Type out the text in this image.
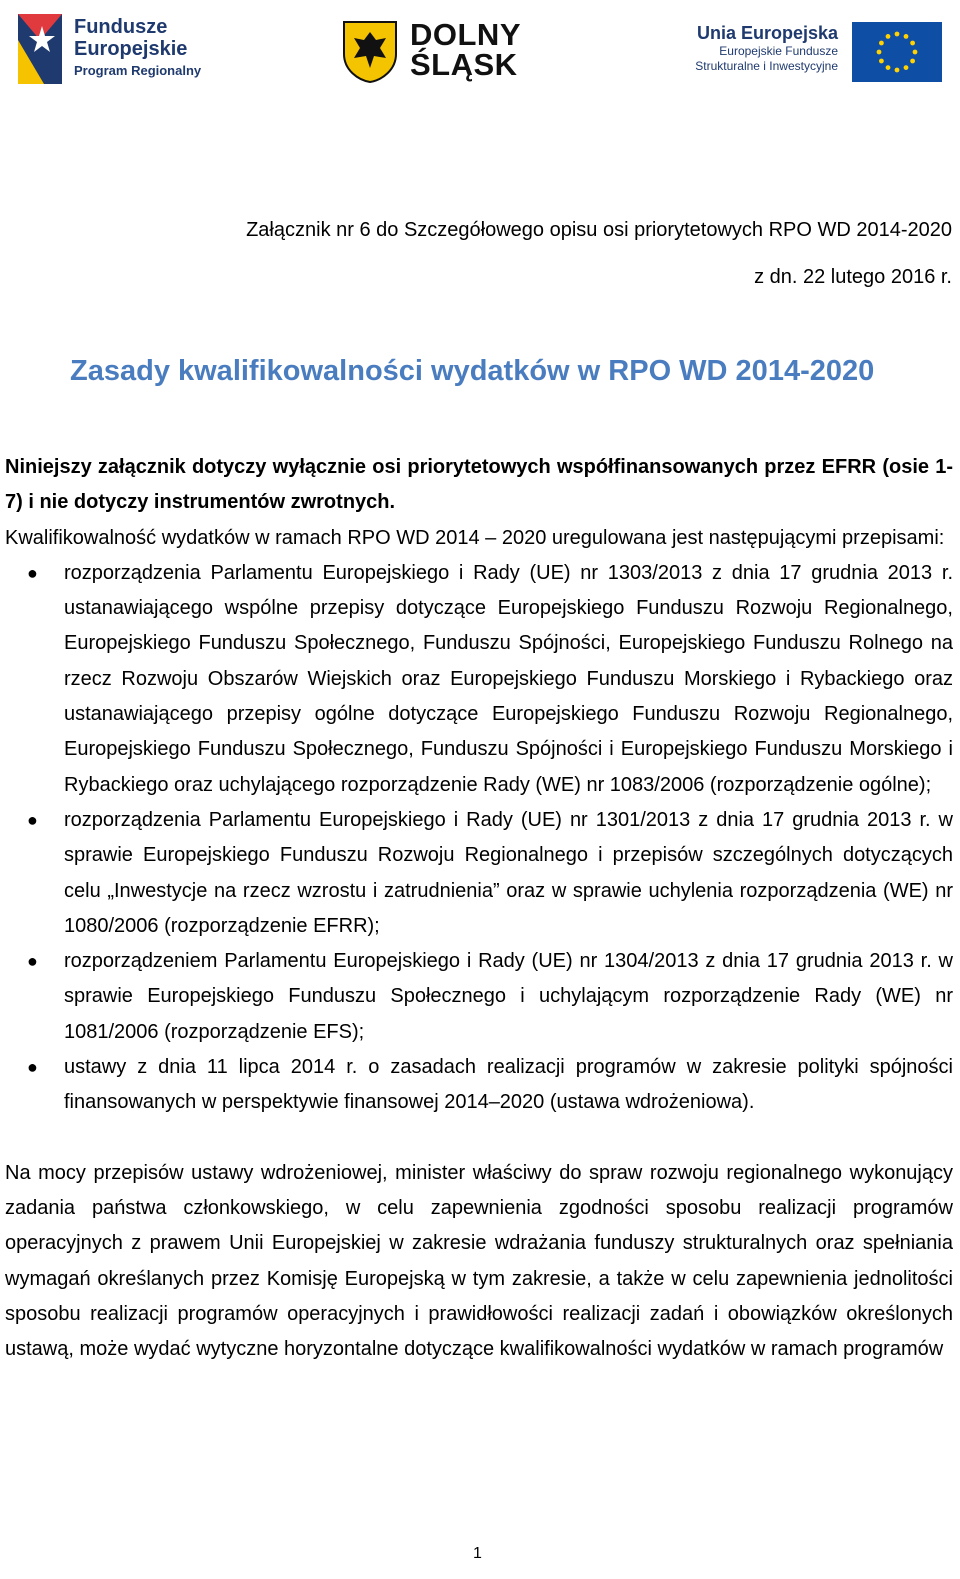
Fundusze
Europejskie
Program Regionalny
DOLNY
ŚLĄSK
Unia Europejska
Europejskie Fundusze
Strukturalne i Inwestycyjne
Załącznik nr 6 do Szczegółowego opisu osi priorytetowych RPO WD 2014-2020
z dn. 22 lutego 2016 r.
Zasady kwalifikowalności wydatków w RPO WD 2014-2020

Niniejszy załącznik dotyczy wyłącznie osi priorytetowych współfinansowanych przez EFRR (osie 1-7) i nie dotyczy instrumentów zwrotnych.

Kwalifikowalność wydatków w ramach RPO WD 2014 – 2020 uregulowana jest następującymi przepisami:

● rozporządzenia Parlamentu Europejskiego i Rady (UE) nr 1303/2013 z dnia 17 grudnia 2013 r. ustanawiającego wspólne przepisy dotyczące Europejskiego Funduszu Rozwoju Regionalnego, Europejskiego Funduszu Społecznego, Funduszu Spójności, Europejskiego Funduszu Rolnego na rzecz Rozwoju Obszarów Wiejskich oraz Europejskiego Funduszu Morskiego i Rybackiego oraz ustanawiającego przepisy ogólne dotyczące Europejskiego Funduszu Rozwoju Regionalnego, Europejskiego Funduszu Społecznego, Funduszu Spójności i Europejskiego Funduszu Morskiego i Rybackiego oraz uchylającego rozporządzenie Rady (WE) nr 1083/2006 (rozporządzenie ogólne);
● rozporządzenia Parlamentu Europejskiego i Rady (UE) nr 1301/2013 z dnia 17 grudnia 2013 r. w sprawie Europejskiego Funduszu Rozwoju Regionalnego i przepisów szczególnych dotyczących celu „Inwestycje na rzecz wzrostu i zatrudnienia” oraz w sprawie uchylenia rozporządzenia (WE) nr 1080/2006 (rozporządzenie EFRR);
● rozporządzeniem Parlamentu Europejskiego i Rady (UE) nr 1304/2013 z dnia 17 grudnia 2013 r. w sprawie Europejskiego Funduszu Społecznego i uchylającym rozporządzenie Rady (WE) nr 1081/2006 (rozporządzenie EFS);
● ustawy z dnia 11 lipca 2014 r. o zasadach realizacji programów w zakresie polityki spójności finansowanych w perspektywie finansowej 2014–2020 (ustawa wdrożeniowa).

Na mocy przepisów ustawy wdrożeniowej, minister właściwy do spraw rozwoju regionalnego wykonujący zadania państwa członkowskiego, w celu zapewnienia zgodności sposobu realizacji programów operacyjnych z prawem Unii Europejskiej w zakresie wdrażania funduszy strukturalnych oraz spełniania wymagań określanych przez Komisję Europejską w tym zakresie, a także w celu zapewnienia jednolitości sposobu realizacji programów operacyjnych i prawidłowości realizacji zadań i obowiązków określonych ustawą, może wydać wytyczne horyzontalne dotyczące kwalifikowalności wydatków w ramach programów

1
